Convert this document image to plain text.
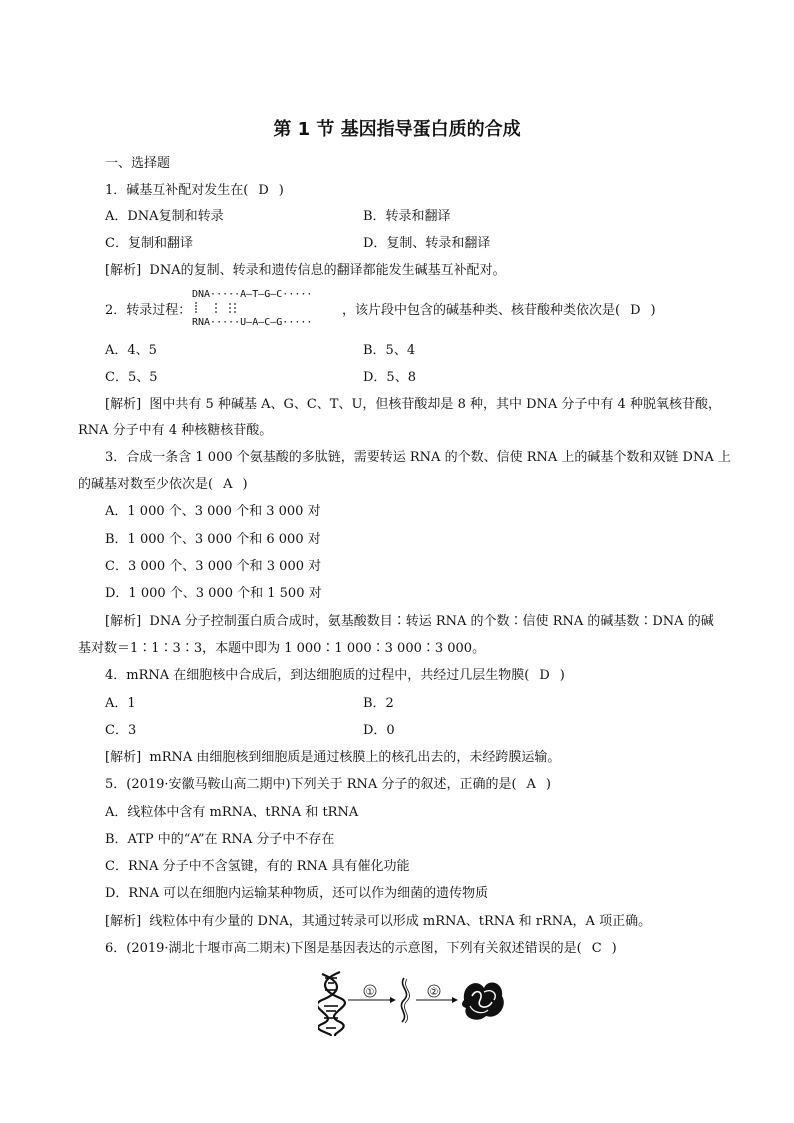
第 1 节 基因指导蛋白质的合成
一、选择题
1．碱基互补配对发生在( D )
A．DNA复制和转录	B．转录和翻译
C．复制和翻译	D．复制、转录和翻译
[解析] DNA的复制、转录和遗传信息的翻译都能发生碱基互补配对。
2．转录过程：
DNA·····A—T—G—C·····
RNA·····U—A—C—G·····
，该片段中包含的碱基种类、核苷酸种类依次是( D )
A．4、5	B．5、4
C．5、5	D．5、8
[解析] 图中共有 5 种碱基 A、G、C、T、U，但核苷酸却是 8 种，其中 DNA 分子中有 4 种脱氧核苷酸，
RNA 分子中有 4 种核糖核苷酸。
3．合成一条含 1 000 个氨基酸的多肽链，需要转运 RNA 的个数、信使 RNA 上的碱基个数和双链 DNA 上
的碱基对数至少依次是( A )
A．1 000 个、3 000 个和 3 000 对
B．1 000 个、3 000 个和 6 000 对
C．3 000 个、3 000 个和 3 000 对
D．1 000 个、3 000 个和 1 500 对
[解析] DNA 分子控制蛋白质合成时，氨基酸数目∶转运 RNA 的个数∶信使 RNA 的碱基数∶DNA 的碱
基对数＝1∶1∶3∶3，本题中即为 1 000∶1 000∶3 000∶3 000。
4．mRNA 在细胞核中合成后，到达细胞质的过程中，共经过几层生物膜( D )
A．1	B．2
C．3	D．0
[解析] mRNA 由细胞核到细胞质是通过核膜上的核孔出去的，未经跨膜运输。
5．(2019·安徽马鞍山高二期中)下列关于 RNA 分子的叙述，正确的是( A )
A．线粒体中含有 mRNA、tRNA 和 tRNA
B．ATP 中的“A”在 RNA 分子中不存在
C．RNA 分子中不含氢键，有的 RNA 具有催化功能
D．RNA 可以在细胞内运输某种物质，还可以作为细菌的遗传物质
[解析] 线粒体中有少量的 DNA，其通过转录可以形成 mRNA、tRNA 和 rRNA，A 项正确。
6．(2019·湖北十堰市高二期末)下图是基因表达的示意图，下列有关叙述错误的是( C )
①	②
